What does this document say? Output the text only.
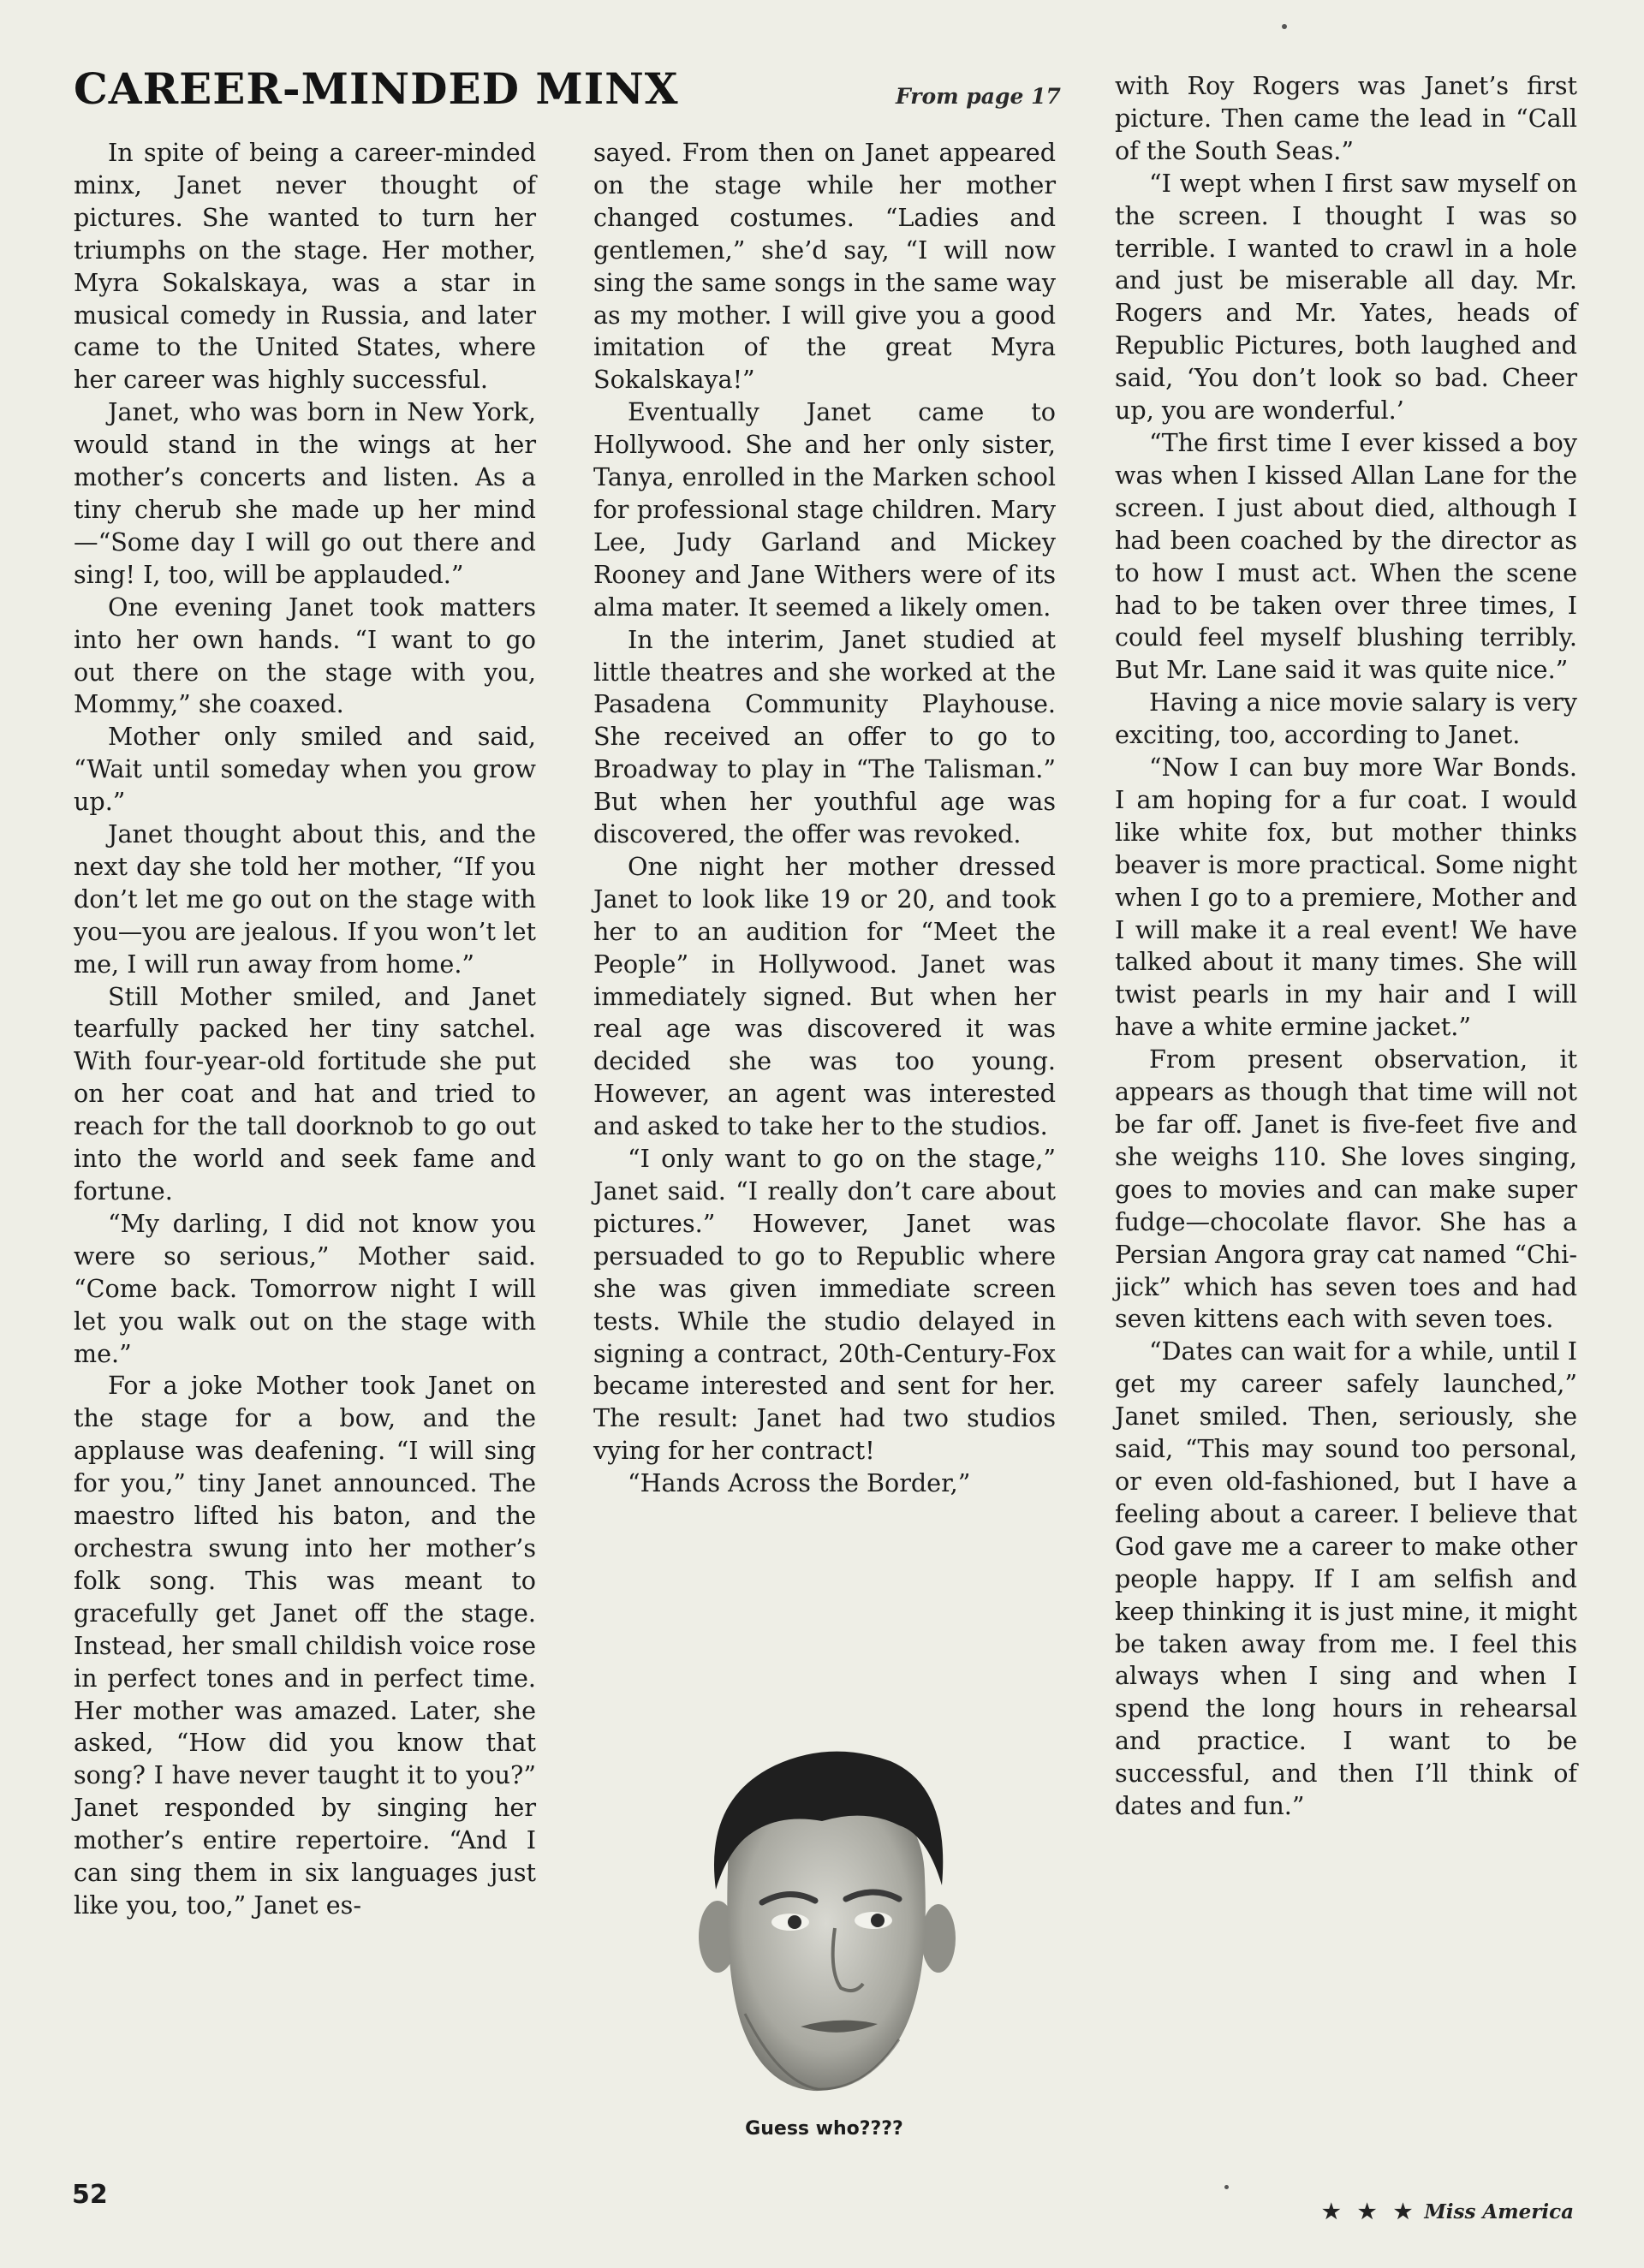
CAREER-MINDED MINX	From page 17

In spite of being a career-minded minx, Janet never thought of pictures. She wanted to turn her triumphs on the stage. Her mother, Myra Sokalskaya, was a star in musical comedy in Russia, and later came to the United States, where her career was highly successful.

Janet, who was born in New York, would stand in the wings at her mother’s concerts and listen. As a tiny cherub she made up her mind—“Some day I will go out there and sing! I, too, will be applauded.”

One evening Janet took matters into her own hands. “I want to go out there on the stage with you, Mommy,” she coaxed.

Mother only smiled and said, “Wait until someday when you grow up.”

Janet thought about this, and the next day she told her mother, “If you don’t let me go out on the stage with you—you are jealous. If you won’t let me, I will run away from home.”

Still Mother smiled, and Janet tearfully packed her tiny satchel. With four-year-old fortitude she put on her coat and hat and tried to reach for the tall doorknob to go out into the world and seek fame and fortune.

“My darling, I did not know you were so serious,” Mother said. “Come back. Tomorrow night I will let you walk out on the stage with me.”

For a joke Mother took Janet on the stage for a bow, and the applause was deafening. “I will sing for you,” tiny Janet announced. The maestro lifted his baton, and the orchestra swung into her mother’s folk song. This was meant to gracefully get Janet off the stage. Instead, her small childish voice rose in perfect tones and in perfect time. Her mother was amazed. Later, she asked, “How did you know that song? I have never taught it to you?” Janet responded by singing her mother’s entire repertoire. “And I can sing them in six languages just like you, too,” Janet es-

sayed. From then on Janet appeared on the stage while her mother changed costumes. “Ladies and gentlemen,” she’d say, “I will now sing the same songs in the same way as my mother. I will give you a good imitation of the great Myra Sokalskaya!”

Eventually Janet came to Hollywood. She and her only sister, Tanya, enrolled in the Marken school for professional stage children. Mary Lee, Judy Garland and Mickey Rooney and Jane Withers were of its alma mater. It seemed a likely omen.

In the interim, Janet studied at little theatres and she worked at the Pasadena Community Playhouse. She received an offer to go to Broadway to play in “The Talisman.” But when her youthful age was discovered, the offer was revoked.

One night her mother dressed Janet to look like 19 or 20, and took her to an audition for “Meet the People” in Hollywood. Janet was immediately signed. But when her real age was discovered it was decided she was too young. However, an agent was interested and asked to take her to the studios.

“I only want to go on the stage,” Janet said. “I really don’t care about pictures.” However, Janet was persuaded to go to Republic where she was given immediate screen tests. While the studio delayed in signing a contract, 20th-Century-Fox became interested and sent for her. The result: Janet had two studios vying for her contract!

“Hands Across the Border,”

with Roy Rogers was Janet’s first picture. Then came the lead in “Call of the South Seas.”

“I wept when I first saw myself on the screen. I thought I was so terrible. I wanted to crawl in a hole and just be miserable all day. Mr. Rogers and Mr. Yates, heads of Republic Pictures, both laughed and said, ‘You don’t look so bad. Cheer up, you are wonderful.’

“The first time I ever kissed a boy was when I kissed Allan Lane for the screen. I just about died, although I had been coached by the director as to how I must act. When the scene had to be taken over three times, I could feel myself blushing terribly. But Mr. Lane said it was quite nice.”

Having a nice movie salary is very exciting, too, according to Janet.

“Now I can buy more War Bonds. I am hoping for a fur coat. I would like white fox, but mother thinks beaver is more practical. Some night when I go to a premiere, Mother and I will make it a real event! We have talked about it many times. She will twist pearls in my hair and I will have a white ermine jacket.”

From present observation, it appears as though that time will not be far off. Janet is five-feet five and she weighs 110. She loves singing, goes to movies and can make super fudge—chocolate flavor. She has a Persian Angora gray cat named “Chi-jick” which has seven toes and had seven kittens each with seven toes.

“Dates can wait for a while, until I get my career safely launched,” Janet smiled. Then, seriously, she said, “This may sound too personal, or even old-fashioned, but I have a feeling about a career. I believe that God gave me a career to make other people happy. If I am selfish and keep thinking it is just mine, it might be taken away from me. I feel this always when I sing and when I spend the long hours in rehearsal and practice. I want to be successful, and then I’ll think of dates and fun.”

Guess who????
52
★ ★ ★ Miss America
